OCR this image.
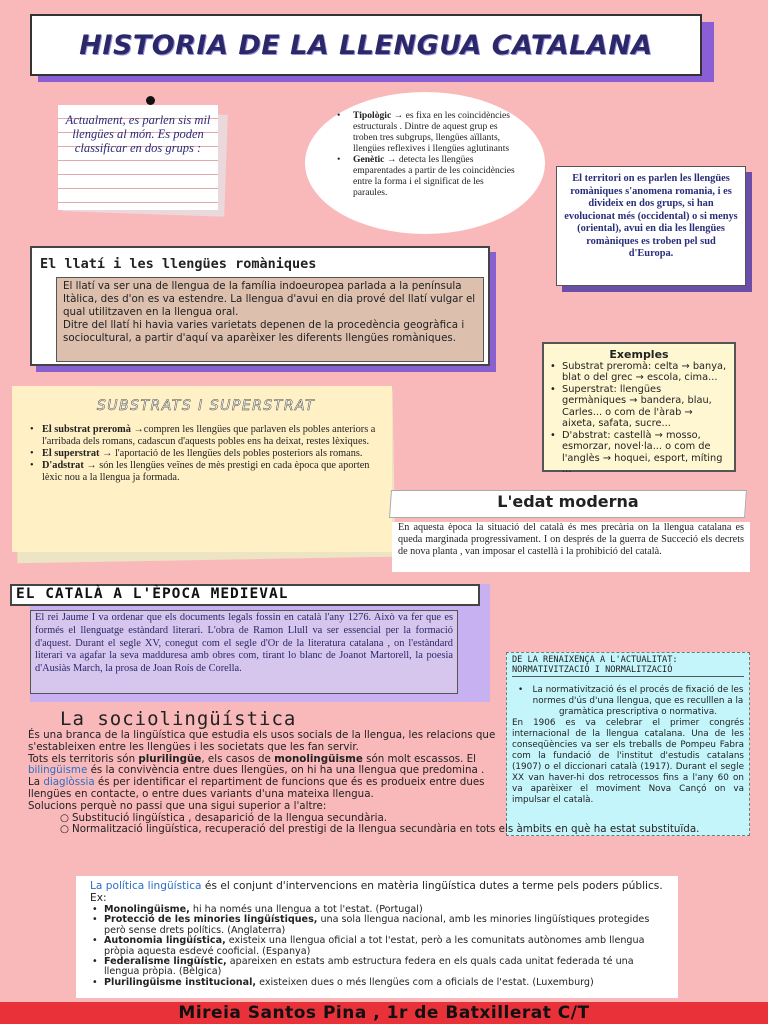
HISTORIA DE LA LLENGUA CATALANA
Actualment, es parlen sis mil llengües al món. Es poden classificar en dos grups :
• Tipològic → es fixa en les coincidències estructurals . Dintre de aquest grup es troben tres subgrups, llengües aïllants, llengües reflexives i llengües aglutinants
• Genètic → detecta les llengües emparentades a partir de les coincidències entre la forma i el significat de les paraules.
El territori on es parlen les llengües romàniques s'anomena romania, i es divideix en dos grups, si han evolucionat més (occidental) o si menys (oriental), avui en dia les llengües romàniques es troben pel sud d'Europa.
El llatí i les llengües romàniques

El llatí va ser una de llengua de la família indoeuropea parlada a la península Itàlica, des d'on es va estendre. La llengua d'avui en dia prové del llatí vulgar el qual utilitzaven en la llengua oral.

Ditre del llatí hi havia varies varietats depenen de la procedència geogràfica i sociocultural, a partir d'aquí va aparèixer les diferents llengües romàniques.

Exemples
• Substrat preromà: celta → banya, blat o del grec → escola, cima...
• Superstrat: llengües germàniques → bandera, blau, Carles... o com de l'àrab → aixeta, safata, sucre...
• D'abstrat: castellà → mosso, esmorzar, novel·la... o com de l'anglès → hoquei, esport, míting ...
SUBSTRATS I SUPERSTRAT
• El substrat preromà →compren les llengües que parlaven els pobles anteriors a l'arribada dels romans, cadascun d'aquests pobles ens ha deixat, restes lèxiques.
• El superstrat → l'aportació de les llengües dels pobles posteriors als romans.
• D'adstrat → són les llengües veïnes de mès prestigi en cada època que aporten lèxic nou a la llengua ja formada.
L'edat moderna
En aquesta època la situació del català és mes precària on la llengua catalana es queda marginada progressivament. I on després de la guerra de Succeció els decrets de nova planta , van imposar el castellà i la prohibició del català.
EL CATALÀ A L'ÈPOCA MEDIEVAL
El rei Jaume I va ordenar que els documents legals fossin en català l'any 1276. Això va fer que es formés el llenguatge estàndard literari. L'obra de Ramon Llull va ser essencial per la formació d'aquest. Durant el segle XV, conegut com el segle d'Or de la literatura catalana , on l'estàndard literari va agafar la seva madduresa amb obres com, tirant lo blanc de Joanot Martorell, la poesia d'Ausiàs March, la prosa de Joan Roís de Corella.
DE LA RENAIXENÇA A L'ACTUALITAT: NORMATIVITZACIÓ I NORMALITZACIÓ
• La normativització és el procés de fixació de les normes d'ús d'una llengua, que es reculllen a la gramàtica prescriptiva o normativa.

En 1906 es va celebrar el primer congrés internacional de la llengua catalana. Una de les conseqüències va ser els treballs de Pompeu Fabra com la fundació de l'institut d'estudis catalans (1907) o el diccionari català (1917). Durant el segle XX van haver-hi dos retrocessos fins a l'any 60 on va aparèixer el moviment Nova Cançó on va impulsar el català.

La sociolingüística

És una branca de la lingüística que estudia els usos socials de la llengua, les relacions que s'estableixen entre les llengües i les societats que les fan servir.

Tots els territoris són plurilingüe, els casos de monolingüisme són molt escassos. El bilingüisme és la convivència entre dues llengües, on hi ha una llengua que predomina .

La diaglòssia és per identificar el repartiment de funcions que és es produeix entre dues llengües en contacte, o entre dues variants d'una mateixa llengua.

Solucions perquè no passi que una sigui superior a l'altre:

○ Substitució lingüística , desaparició de la llengua secundària.
○ Normalització lingüística, recuperació del prestigi de la llengua secundària en tots els àmbits en què ha estat substituïda.

La política lingüística és el conjunt d'intervencions en matèria lingüística dutes a terme pels poders públics. Ex:

• Monolingüisme, hi ha només una llengua a tot l'estat. (Portugal)
• Protecció de les minories lingüístiques, una sola llengua nacional, amb les minories lingüístiques protegides però sense drets polítics. (Anglaterra)
• Autonomia lingüística, existeix una llengua oficial a tot l'estat, però a les comunitats autònomes amb llengua pròpia aquesta esdevé cooficial. (Espanya)
• Federalisme lingüístic, apareixen en estats amb estructura federa en els quals cada unitat federada té una llengua pròpia. (Bèlgica)
• Plurilingüisme institucional, existeixen dues o més llengües com a oficials de l'estat. (Luxemburg)
Mireia Santos Pina , 1r de Batxillerat C/T
